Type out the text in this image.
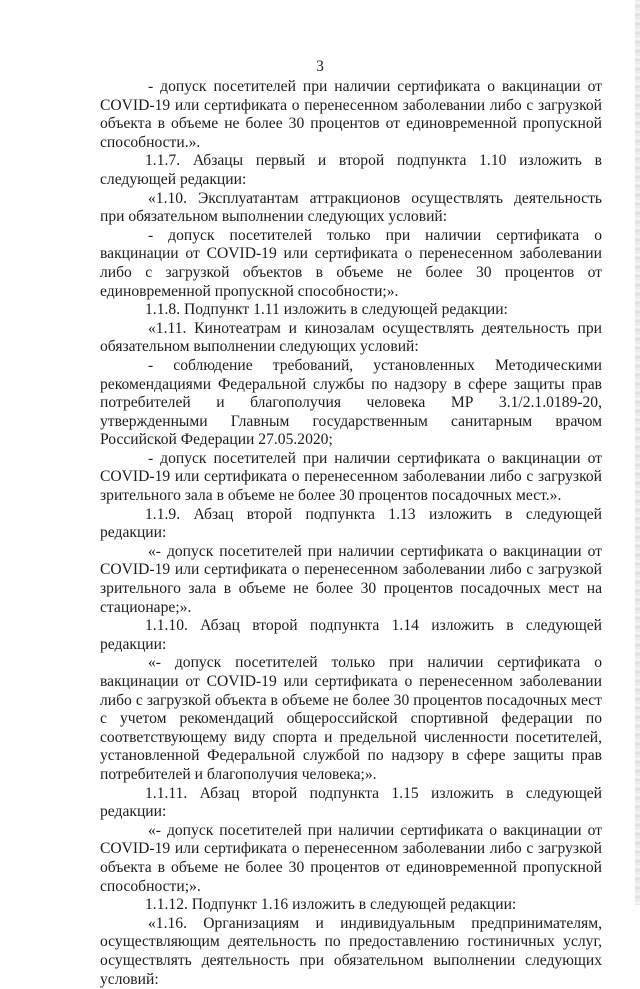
3

- допуск посетителей при наличии сертификата о вакцинации от COVID-19 или сертификата о перенесенном заболевании либо с загрузкой объекта в объеме не более 30 процентов от единовременной пропускной способности.».

1.1.7. Абзацы первый и второй подпункта 1.10 изложить в следующей редакции:

«1.10. Эксплуатантам аттракционов осуществлять деятельность при обязательном выполнении следующих условий:

- допуск посетителей только при наличии сертификата о вакцинации от COVID-19 или сертификата о перенесенном заболевании либо с загрузкой объектов в объеме не более 30 процентов от единовременной пропускной способности;».

1.1.8. Подпункт 1.11 изложить в следующей редакции:

«1.11. Кинотеатрам и кинозалам осуществлять деятельность при обязательном выполнении следующих условий:

- соблюдение требований, установленных Методическими рекомендациями Федеральной службы по надзору в сфере защиты прав потребителей и благополучия человека МР 3.1/2.1.0189-20, утвержденными Главным государственным санитарным врачом Российской Федерации 27.05.2020;

- допуск посетителей при наличии сертификата о вакцинации от COVID-19 или сертификата о перенесенном заболевании либо с загрузкой зрительного зала в объеме не более 30 процентов посадочных мест.».

1.1.9. Абзац второй подпункта 1.13 изложить в следующей редакции:

«- допуск посетителей при наличии сертификата о вакцинации от COVID-19 или сертификата о перенесенном заболевании либо с загрузкой зрительного зала в объеме не более 30 процентов посадочных мест на стационаре;».

1.1.10. Абзац второй подпункта 1.14 изложить в следующей редакции:

«- допуск посетителей только при наличии сертификата о вакцинации от COVID-19 или сертификата о перенесенном заболевании либо с загрузкой объекта в объеме не более 30 процентов посадочных мест с учетом рекомендаций общероссийской спортивной федерации по соответствующему виду спорта и предельной численности посетителей, установленной Федеральной службой по надзору в сфере защиты прав потребителей и благополучия человека;».

1.1.11. Абзац второй подпункта 1.15 изложить в следующей редакции:

«- допуск посетителей при наличии сертификата о вакцинации от COVID-19 или сертификата о перенесенном заболевании либо с загрузкой объекта в объеме не более 30 процентов от единовременной пропускной способности;».

1.1.12. Подпункт 1.16 изложить в следующей редакции:

«1.16. Организациям и индивидуальным предпринимателям, осуществляющим деятельность по предоставлению гостиничных услуг, осуществлять деятельность при обязательном выполнении следующих условий:
